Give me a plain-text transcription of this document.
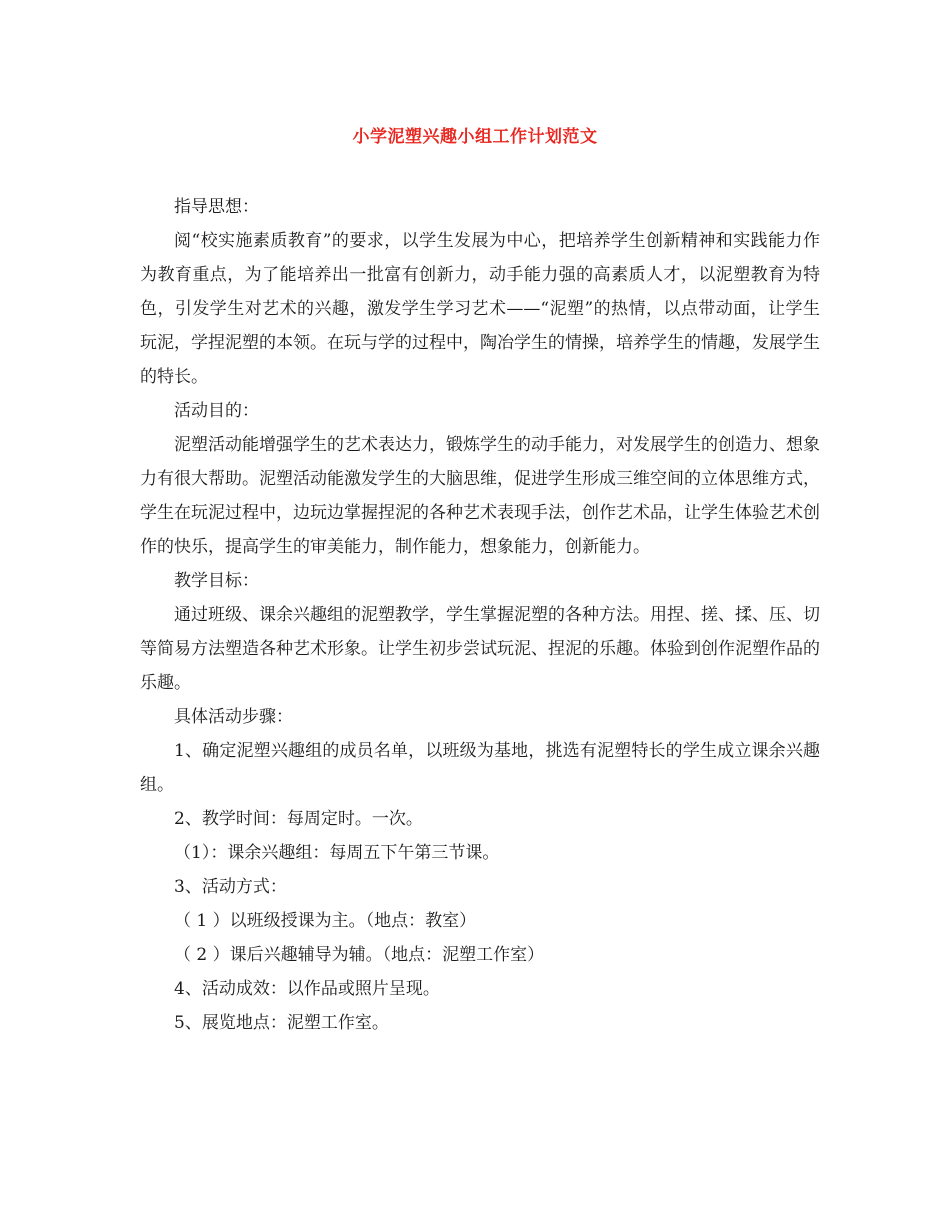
小学泥塑兴趣小组工作计划范文

指导思想：

阅“校实施素质教育”的要求，以学生发展为中心，把培养学生创新精神和实践能力作为教育重点，为了能培养出一批富有创新力，动手能力强的高素质人才，以泥塑教育为特色，引发学生对艺术的兴趣，激发学生学习艺术——“泥塑”的热情，以点带动面，让学生玩泥，学捏泥塑的本领。在玩与学的过程中，陶冶学生的情操，培养学生的情趣，发展学生的特长。

活动目的：

泥塑活动能增强学生的艺术表达力，锻炼学生的动手能力，对发展学生的创造力、想象力有很大帮助。泥塑活动能激发学生的大脑思维，促进学生形成三维空间的立体思维方式，学生在玩泥过程中，边玩边掌握捏泥的各种艺术表现手法，创作艺术品，让学生体验艺术创作的快乐，提高学生的审美能力，制作能力，想象能力，创新能力。

教学目标：

通过班级、课余兴趣组的泥塑教学，学生掌握泥塑的各种方法。用捏、搓、揉、压、切等简易方法塑造各种艺术形象。让学生初步尝试玩泥、捏泥的乐趣。体验到创作泥塑作品的乐趣。

具体活动步骤：

1、确定泥塑兴趣组的成员名单，以班级为基地，挑选有泥塑特长的学生成立课余兴趣组。

2、教学时间：每周定时。一次。

（1）：课余兴趣组：每周五下午第三节课。

3、活动方式：

（ 1 ）以班级授课为主。（地点：教室）

（ 2 ）课后兴趣辅导为辅。（地点：泥塑工作室）

4、活动成效：以作品或照片呈现。

5、展览地点：泥塑工作室。
